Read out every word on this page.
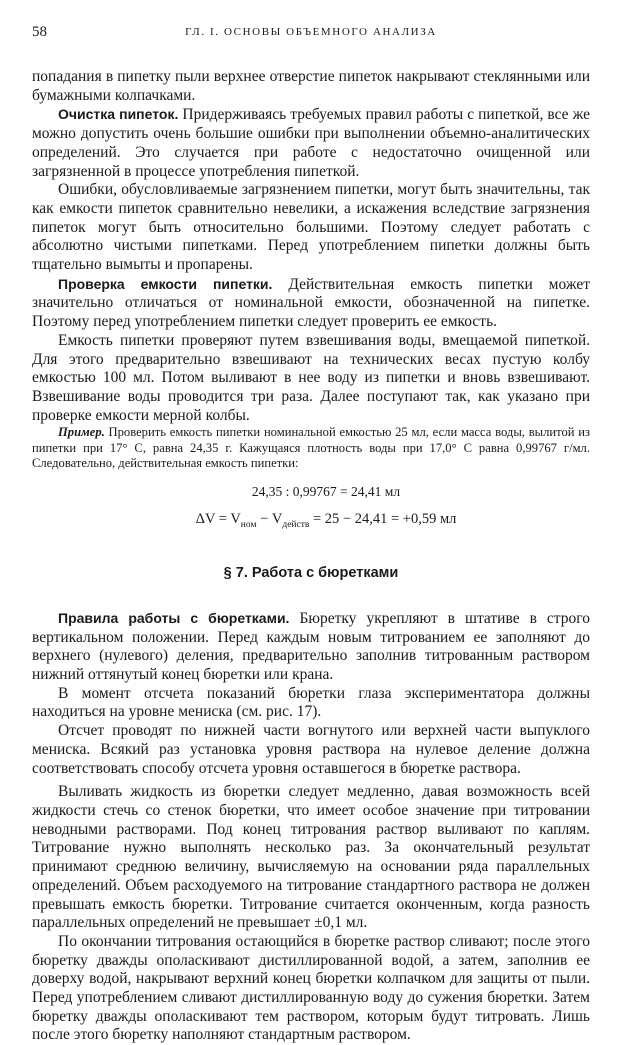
58	ГЛ. I. ОСНОВЫ ОБЪЕМНОГО АНАЛИЗА

попадания в пипетку пыли верхнее отверстие пипеток накрывают стеклянными или бумажными колпачками.

Очистка пипеток. Придерживаясь требуемых правил работы с пипеткой, все же можно допустить очень большие ошибки при выполнении объемно-аналитических определений. Это случается при работе с недостаточно очищенной или загрязненной в процессе употребления пипеткой.

Ошибки, обусловливаемые загрязнением пипетки, могут быть значительны, так как емкости пипеток сравнительно невелики, а искажения вследствие загрязнения пипеток могут быть относительно большими. Поэтому следует работать с абсолютно чистыми пипетками. Перед употреблением пипетки должны быть тщательно вымыты и пропарены.

Проверка емкости пипетки. Действительная емкость пипетки может значительно отличаться от номинальной емкости, обозначенной на пипетке. Поэтому перед употреблением пипетки следует проверить ее емкость.

Емкость пипетки проверяют путем взвешивания воды, вмещаемой пипеткой. Для этого предварительно взвешивают на технических весах пустую колбу емкостью 100 мл. Потом выливают в нее воду из пипетки и вновь взвешивают. Взвешивание воды проводится три раза. Далее поступают так, как указано при проверке емкости мерной колбы.

Пример. Проверить емкость пипетки номинальной емкостью 25 мл, если масса воды, вылитой из пипетки при 17° С, равна 24,35 г. Кажущаяся плотность воды при 17,0° С равна 0,99767 г/мл. Следовательно, действительная емкость пипетки:

24,35 : 0,99767 = 24,41 мл
$\Delta V = V_{ном} - V_{действ} = 25 - 24,41 = +0,59$ мл
§ 7. Работа с бюретками

Правила работы с бюретками. Бюретку укрепляют в штативе в строго вертикальном положении. Перед каждым новым титрованием ее заполняют до верхнего (нулевого) деления, предварительно заполнив титрованным раствором нижний оттянутый конец бюретки или крана.

В момент отсчета показаний бюретки глаза экспериментатора должны находиться на уровне мениска (см. рис. 17).

Отсчет проводят по нижней части вогнутого или верхней части выпуклого мениска. Всякий раз установка уровня раствора на нулевое деление должна соответствовать способу отсчета уровня оставшегося в бюретке раствора.

Выливать жидкость из бюретки следует медленно, давая возможность всей жидкости стечь со стенок бюретки, что имеет особое значение при титровании неводными растворами. Под конец титрования раствор выливают по каплям. Титрование нужно выполнять несколько раз. За окончательный результат принимают среднюю величину, вычисляемую на основании ряда параллельных определений. Объем расходуемого на титрование стандартного раствора не должен превышать емкость бюретки. Титрование считается оконченным, когда разность параллельных определений не превышает ±0,1 мл.

По окончании титрования остающийся в бюретке раствор сливают; после этого бюретку дважды ополаскивают дистиллированной водой, а затем, заполнив ее доверху водой, накрывают верхний конец бюретки колпачком для защиты от пыли. Перед употреблением сливают дистиллированную воду до сужения бюретки. Затем бюретку дважды ополаскивают тем раствором, которым будут титровать. Лишь после этого бюретку наполняют стандартным раствором.
